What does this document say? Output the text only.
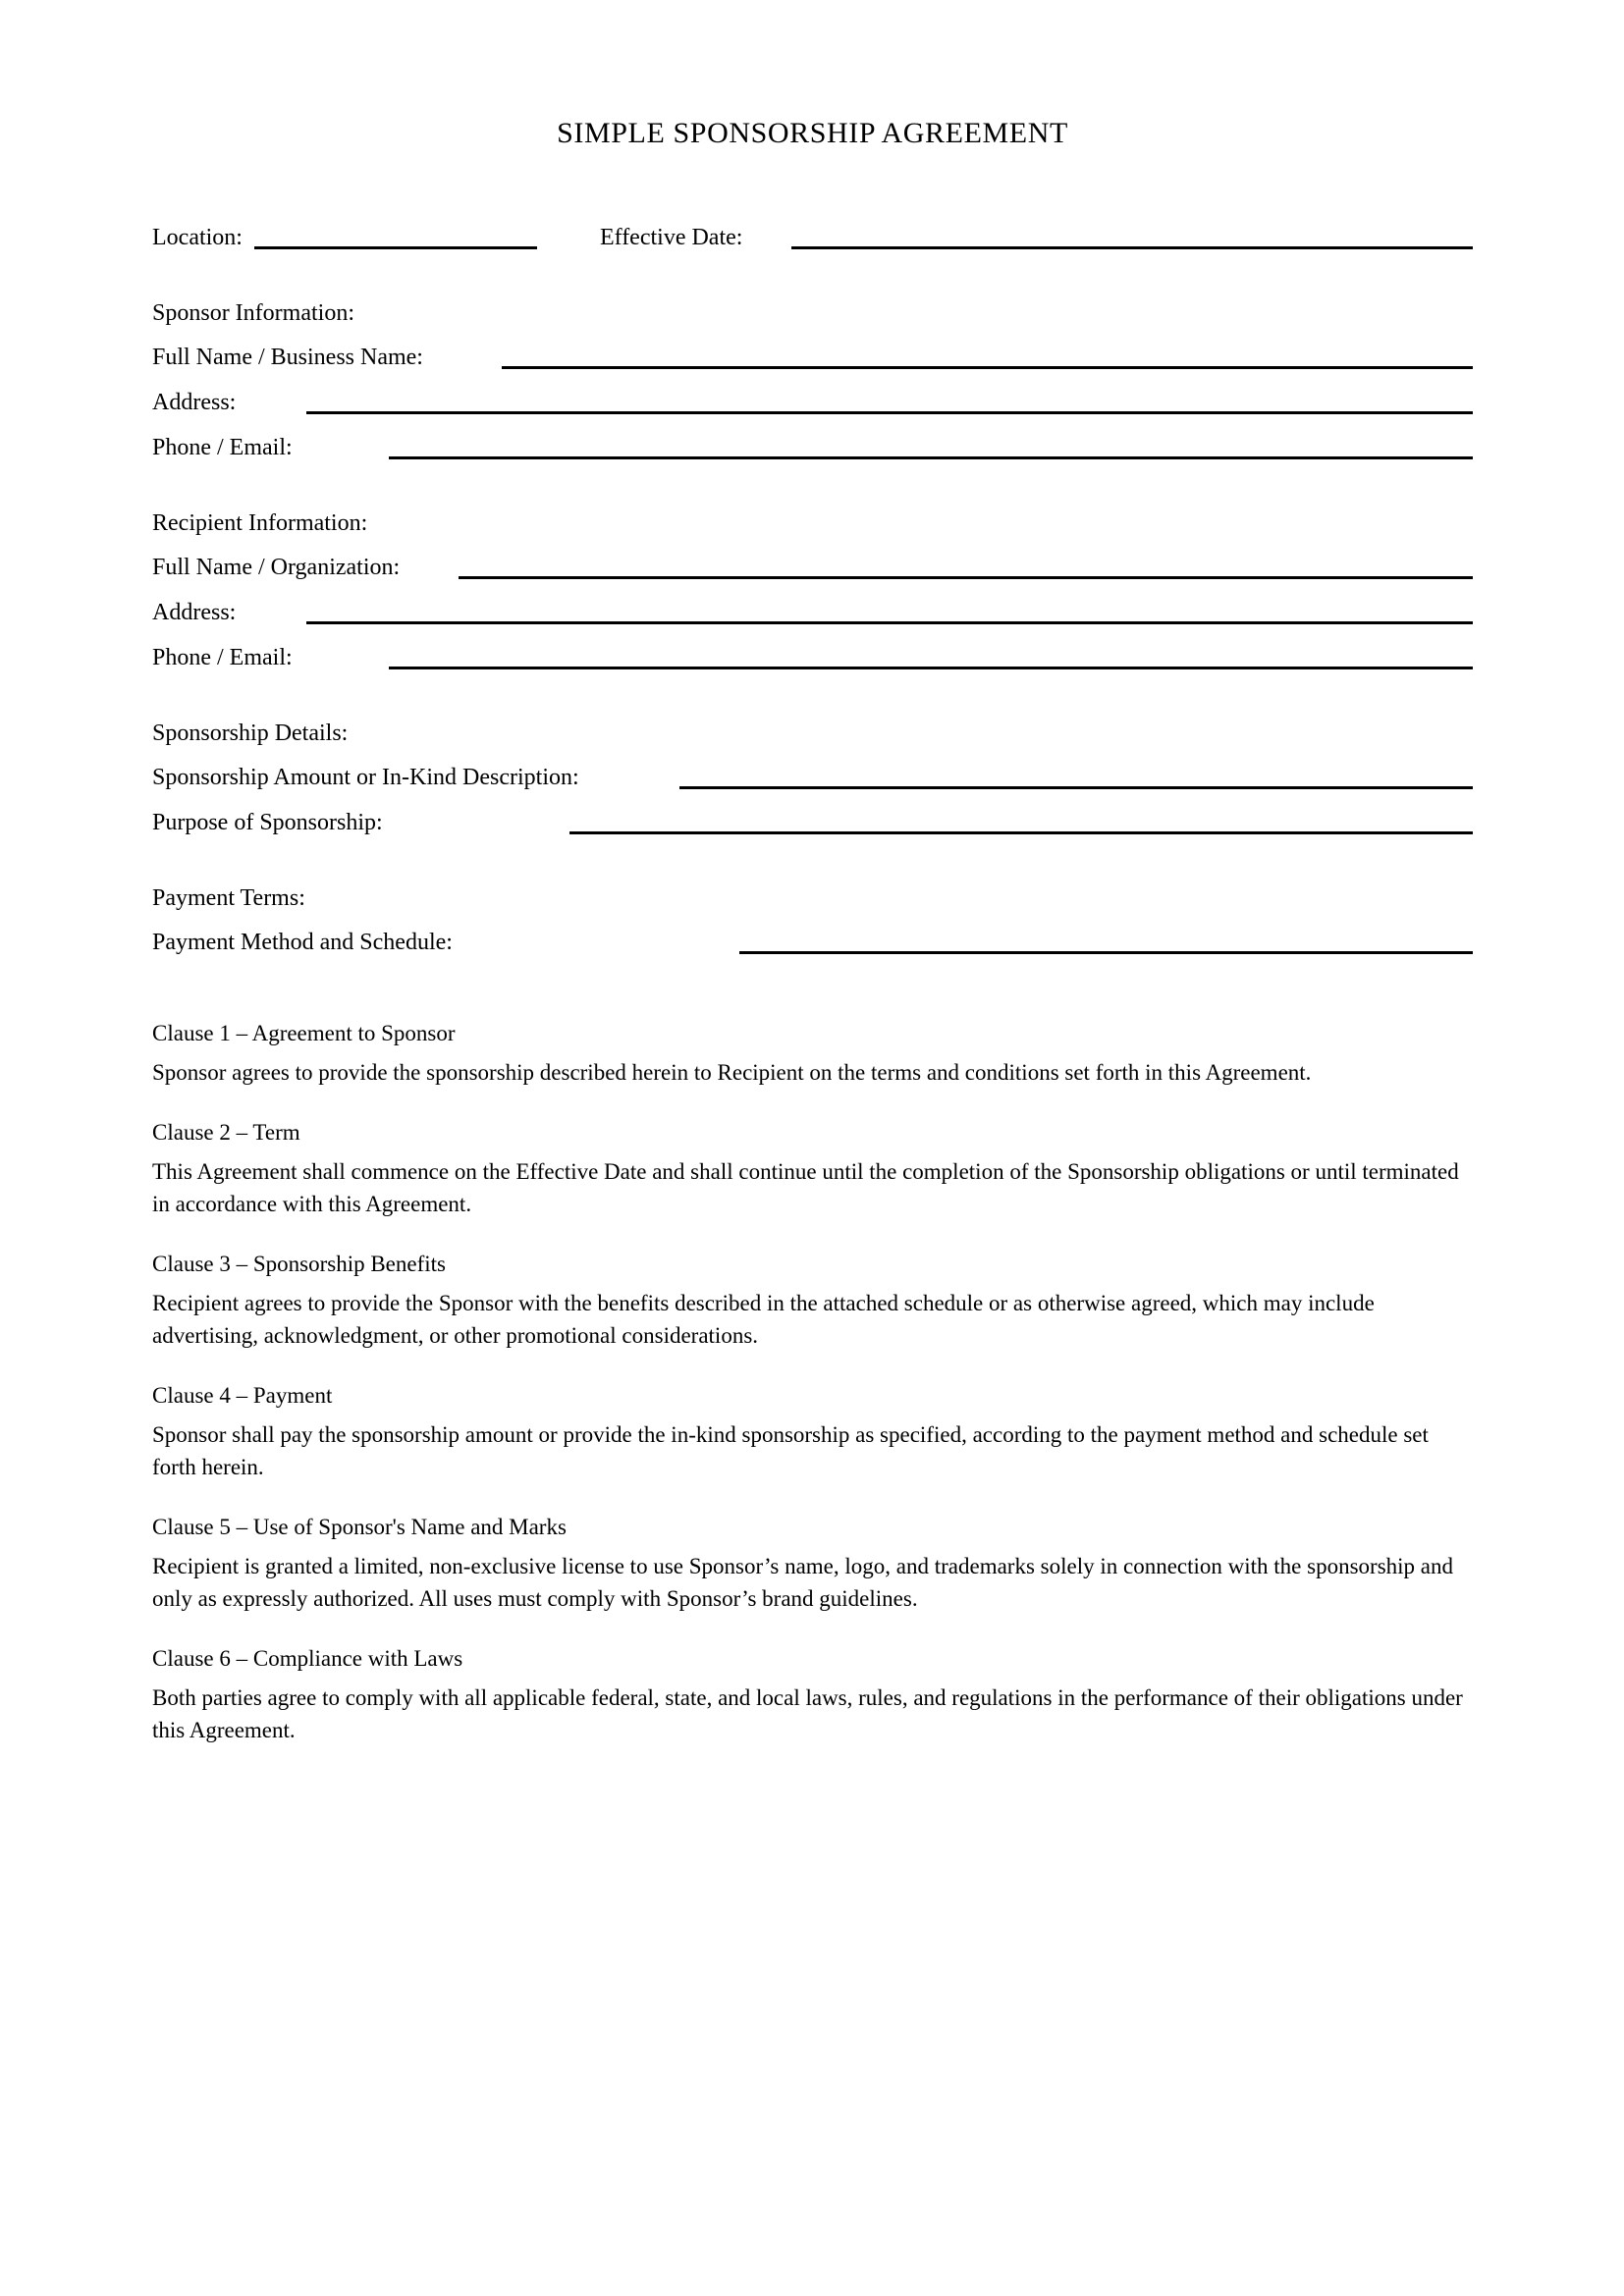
SIMPLE SPONSORSHIP AGREEMENT
Location:	Effective Date:
Sponsor Information:
Full Name / Business Name:
Address:
Phone / Email:
Recipient Information:
Full Name / Organization:
Address:
Phone / Email:
Sponsorship Details:
Sponsorship Amount or In-Kind Description:
Purpose of Sponsorship:
Payment Terms:
Payment Method and Schedule:
Clause 1 – Agreement to Sponsor

Sponsor agrees to provide the sponsorship described herein to Recipient on the terms and conditions set forth in this Agreement.

Clause 2 – Term

This Agreement shall commence on the Effective Date and shall continue until the completion of the Sponsorship obligations or until terminated in accordance with this Agreement.

Clause 3 – Sponsorship Benefits

Recipient agrees to provide the Sponsor with the benefits described in the attached schedule or as otherwise agreed, which may include advertising, acknowledgment, or other promotional considerations.

Clause 4 – Payment

Sponsor shall pay the sponsorship amount or provide the in-kind sponsorship as specified, according to the payment method and schedule set forth herein.

Clause 5 – Use of Sponsor's Name and Marks

Recipient is granted a limited, non-exclusive license to use Sponsor’s name, logo, and trademarks solely in connection with the sponsorship and only as expressly authorized. All uses must comply with Sponsor’s brand guidelines.

Clause 6 – Compliance with Laws

Both parties agree to comply with all applicable federal, state, and local laws, rules, and regulations in the performance of their obligations under this Agreement.
